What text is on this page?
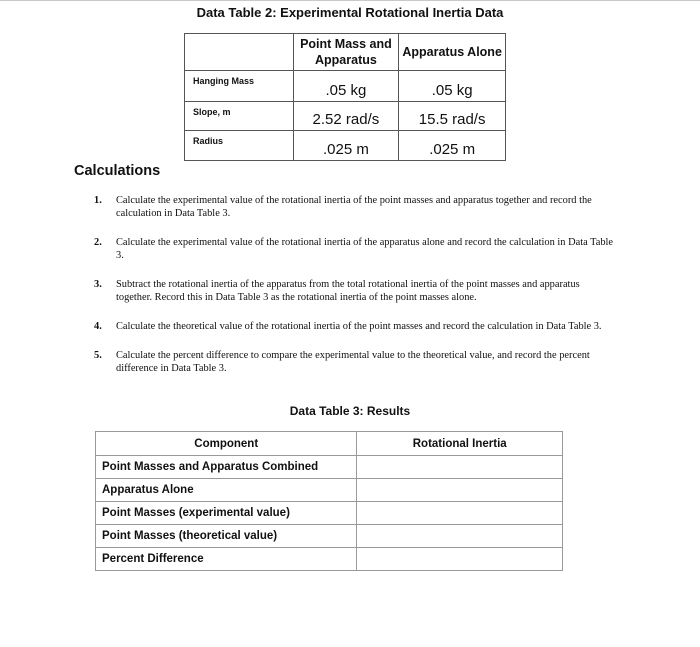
Data Table 2: Experimental Rotational Inertia Data
	Point Mass and Apparatus	Apparatus Alone
Hanging Mass	.05 kg	.05 kg
Slope, m	2.52 rad/s	15.5 rad/s
Radius	.025 m	.025 m
Calculations
1. Calculate the experimental value of the rotational inertia of the point masses and apparatus together and record the calculation in Data Table 3.
2. Calculate the experimental value of the rotational inertia of the apparatus alone and record the calculation in Data Table 3.
3. Subtract the rotational inertia of the apparatus from the total rotational inertia of the point masses and apparatus together. Record this in Data Table 3 as the rotational inertia of the point masses alone.
4. Calculate the theoretical value of the rotational inertia of the point masses and record the calculation in Data Table 3.
5. Calculate the percent difference to compare the experimental value to the theoretical value, and record the percent difference in Data Table 3.
Data Table 3: Results
Component	Rotational Inertia
Point Masses and Apparatus Combined	
Apparatus Alone	
Point Masses (experimental value)	
Point Masses (theoretical value)	
Percent Difference	
